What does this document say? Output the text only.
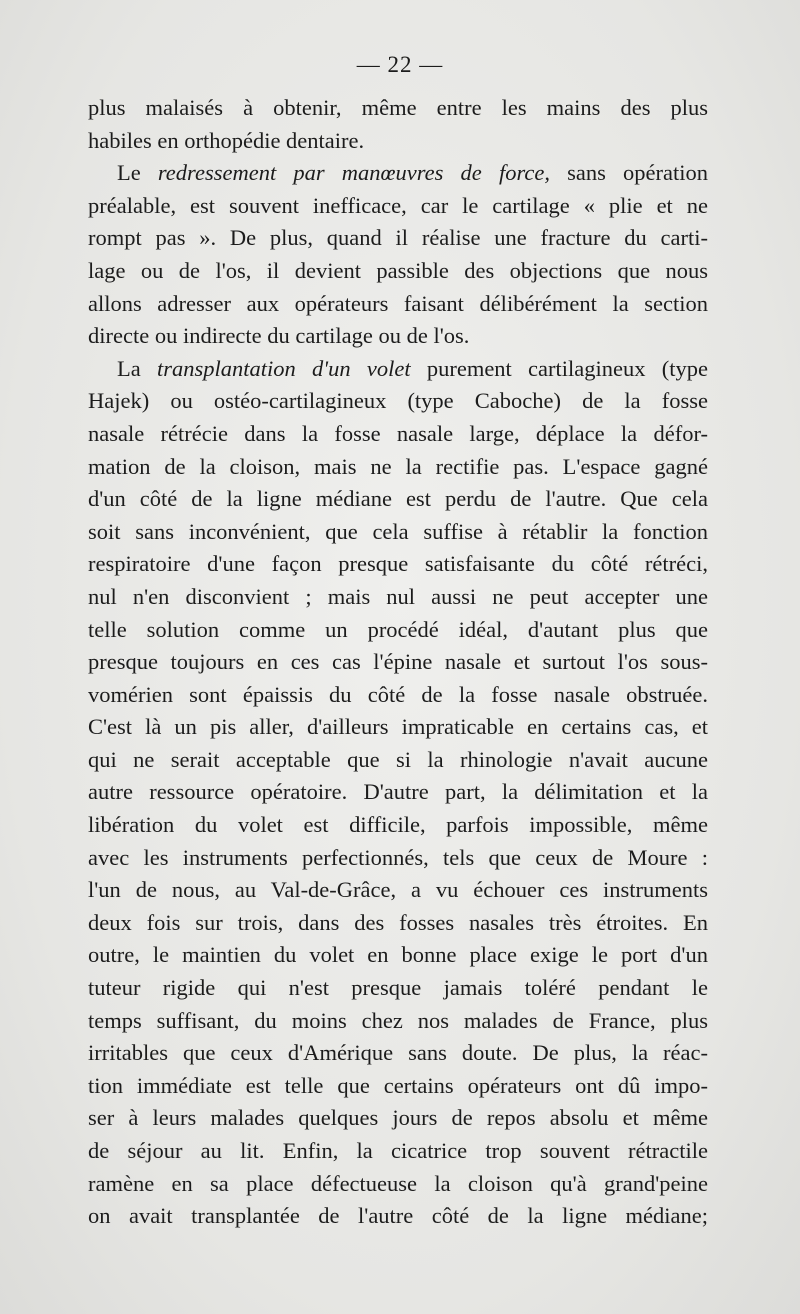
— 22 —
plus malaisés à obtenir, même entre les mains des plus
habiles en orthopédie dentaire.
Le redressement par manœuvres de force, sans opération
préalable, est souvent inefficace, car le cartilage « plie et ne
rompt pas ». De plus, quand il réalise une fracture du carti-
lage ou de l'os, il devient passible des objections que nous
allons adresser aux opérateurs faisant délibérément la section
directe ou indirecte du cartilage ou de l'os.
La transplantation d'un volet purement cartilagineux (type
Hajek) ou ostéo-cartilagineux (type Caboche) de la fosse
nasale rétrécie dans la fosse nasale large, déplace la défor-
mation de la cloison, mais ne la rectifie pas. L'espace gagné
d'un côté de la ligne médiane est perdu de l'autre. Que cela
soit sans inconvénient, que cela suffise à rétablir la fonction
respiratoire d'une façon presque satisfaisante du côté rétréci,
nul n'en disconvient ; mais nul aussi ne peut accepter une
telle solution comme un procédé idéal, d'autant plus que
presque toujours en ces cas l'épine nasale et surtout l'os sous-
vomérien sont épaissis du côté de la fosse nasale obstruée.
C'est là un pis aller, d'ailleurs impraticable en certains cas, et
qui ne serait acceptable que si la rhinologie n'avait aucune
autre ressource opératoire. D'autre part, la délimitation et la
libération du volet est difficile, parfois impossible, même
avec les instruments perfectionnés, tels que ceux de Moure :
l'un de nous, au Val-de-Grâce, a vu échouer ces instruments
deux fois sur trois, dans des fosses nasales très étroites. En
outre, le maintien du volet en bonne place exige le port d'un
tuteur rigide qui n'est presque jamais toléré pendant le
temps suffisant, du moins chez nos malades de France, plus
irritables que ceux d'Amérique sans doute. De plus, la réac-
tion immédiate est telle que certains opérateurs ont dû impo-
ser à leurs malades quelques jours de repos absolu et même
de séjour au lit. Enfin, la cicatrice trop souvent rétractile
ramène en sa place défectueuse la cloison qu'à grand'peine
on avait transplantée de l'autre côté de la ligne médiane;
